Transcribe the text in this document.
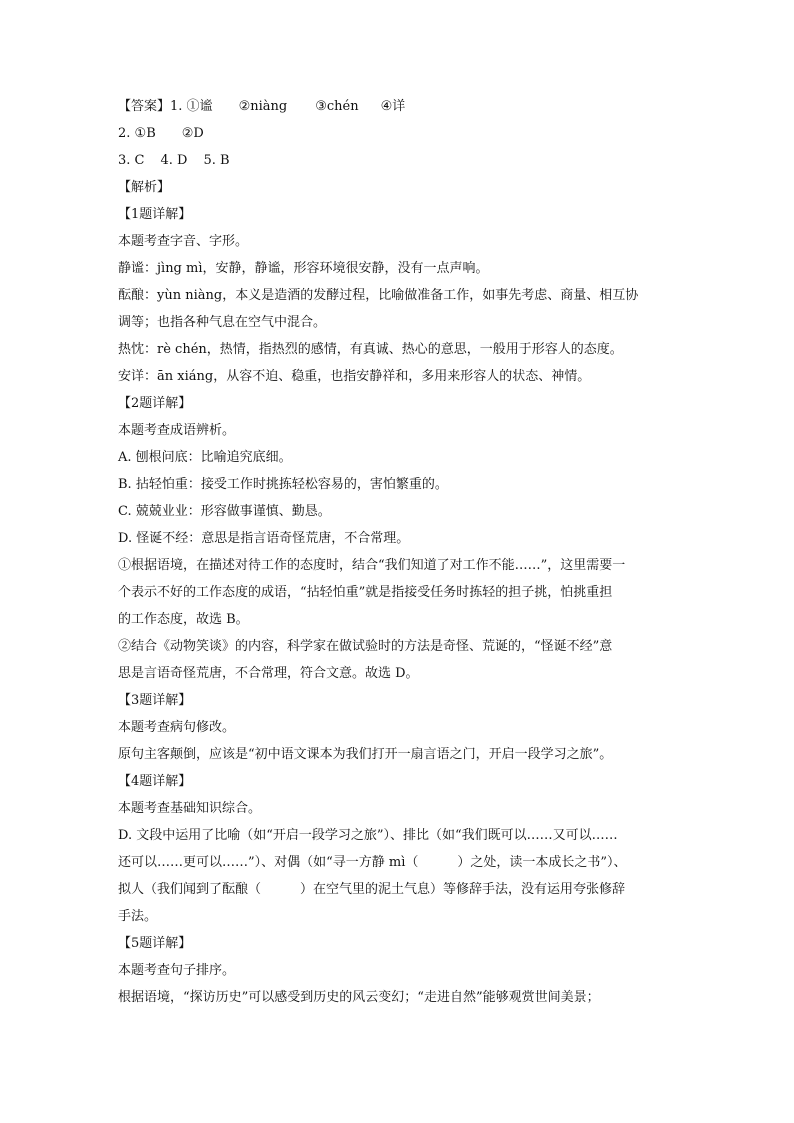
【答案】1. ①谧 ②niàng ③chén ④详
2. ①B ②D
3. C 4. D 5. B
【解析】
【1题详解】
本题考查字音、字形。
静谧：jìng mì，安静，静谧，形容环境很安静，没有一点声响。
酝酿：yùn niàng，本义是造酒的发酵过程，比喻做准备工作，如事先考虑、商量、相互协
调等；也指各种气息在空气中混合。
热忱：rè chén，热情，指热烈的感情，有真诚、热心的意思，一般用于形容人的态度。
安详：ān xiáng，从容不迫、稳重，也指安静祥和，多用来形容人的状态、神情。
【2题详解】
本题考查成语辨析。
A. 刨根问底：比喻追究底细。
B. 拈轻怕重：接受工作时挑拣轻松容易的，害怕繁重的。
C. 兢兢业业：形容做事谨慎、勤恳。
D. 怪诞不经：意思是指言语奇怪荒唐，不合常理。
①根据语境，在描述对待工作的态度时，结合“我们知道了对工作不能……”，这里需要一
个表示不好的工作态度的成语，“拈轻怕重”就是指接受任务时拣轻的担子挑，怕挑重担
的工作态度，故选 B。
②结合《动物笑谈》的内容，科学家在做试验时的方法是奇怪、荒诞的，“怪诞不经”意
思是言语奇怪荒唐，不合常理，符合文意。故选 D。
【3题详解】
本题考查病句修改。
原句主客颠倒，应该是“初中语文课本为我们打开一扇言语之门，开启一段学习之旅”。
【4题详解】
本题考查基础知识综合。
D. 文段中运用了比喻（如“开启一段学习之旅”）、排比（如“我们既可以……又可以……
还可以……更可以……”）、对偶（如“寻一方静 mì（　　　）之处，读一本成长之书”）、
拟人（我们闻到了酝酿（　　　）在空气里的泥土气息）等修辞手法，没有运用夸张修辞
手法。
【5题详解】
本题考查句子排序。
根据语境，“探访历史”可以感受到历史的风云变幻；“走进自然”能够观赏世间美景；
